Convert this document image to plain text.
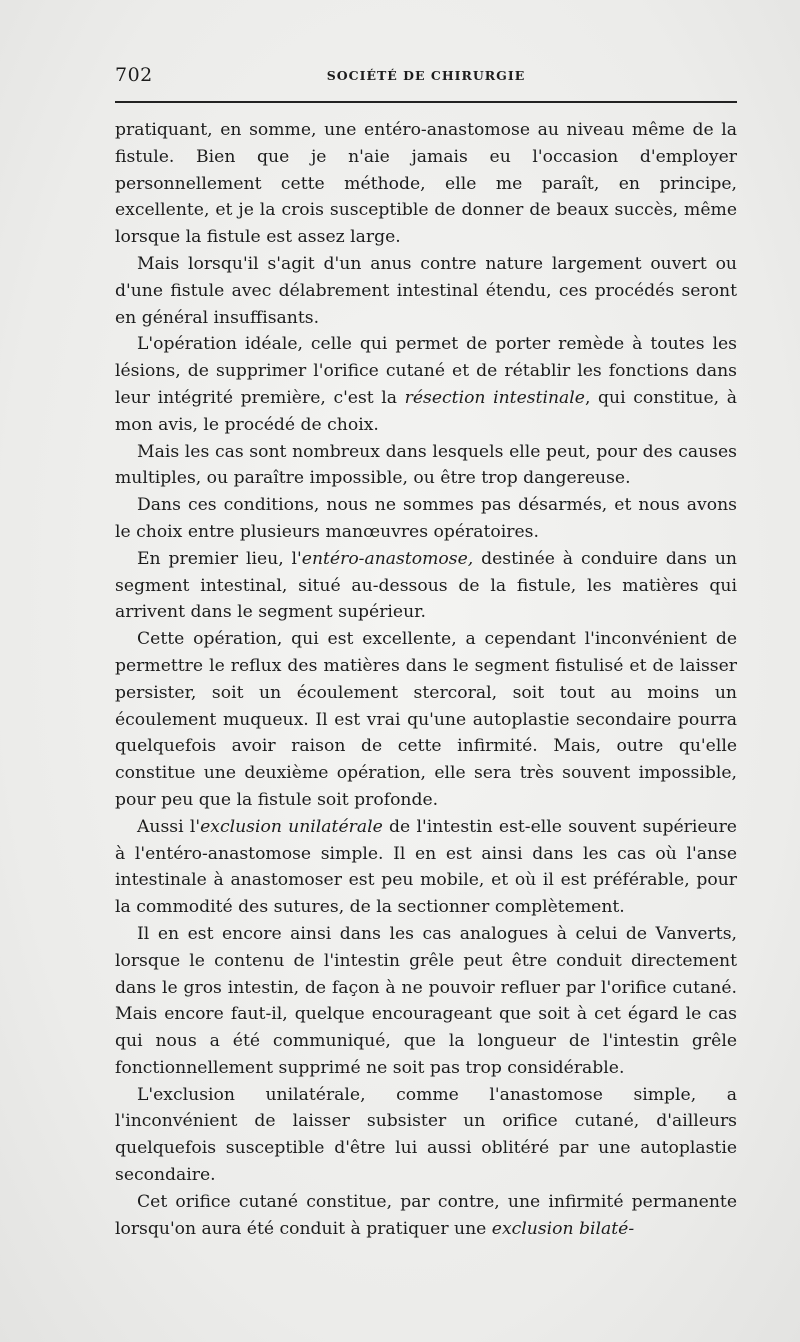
702	SOCIÉTÉ DE CHIRURGIE

pratiquant, en somme, une entéro-anastomose au niveau même de la fistule. Bien que je n'aie jamais eu l'occasion d'employer personnellement cette méthode, elle me paraît, en principe, excellente, et je la crois susceptible de donner de beaux succès, même lorsque la fistule est assez large.

Mais lorsqu'il s'agit d'un anus contre nature largement ouvert ou d'une fistule avec délabrement intestinal étendu, ces procédés seront en général insuffisants.

L'opération idéale, celle qui permet de porter remède à toutes les lésions, de supprimer l'orifice cutané et de rétablir les fonctions dans leur intégrité première, c'est la résection intestinale, qui constitue, à mon avis, le procédé de choix.

Mais les cas sont nombreux dans lesquels elle peut, pour des causes multiples, ou paraître impossible, ou être trop dangereuse.

Dans ces conditions, nous ne sommes pas désarmés, et nous avons le choix entre plusieurs manœuvres opératoires.

En premier lieu, l'entéro-anastomose, destinée à conduire dans un segment intestinal, situé au-dessous de la fistule, les matières qui arrivent dans le segment supérieur.

Cette opération, qui est excellente, a cependant l'inconvénient de permettre le reflux des matières dans le segment fistulisé et de laisser persister, soit un écoulement stercoral, soit tout au moins un écoulement muqueux. Il est vrai qu'une autoplastie secondaire pourra quelquefois avoir raison de cette infirmité. Mais, outre qu'elle constitue une deuxième opération, elle sera très souvent impossible, pour peu que la fistule soit profonde.

Aussi l'exclusion unilatérale de l'intestin est-elle souvent supérieure à l'entéro-anastomose simple. Il en est ainsi dans les cas où l'anse intestinale à anastomoser est peu mobile, et où il est préférable, pour la commodité des sutures, de la sectionner complètement.

Il en est encore ainsi dans les cas analogues à celui de Vanverts, lorsque le contenu de l'intestin grêle peut être conduit directement dans le gros intestin, de façon à ne pouvoir refluer par l'orifice cutané. Mais encore faut-il, quelque encourageant que soit à cet égard le cas qui nous a été communiqué, que la longueur de l'intestin grêle fonctionnellement supprimé ne soit pas trop considérable.

L'exclusion unilatérale, comme l'anastomose simple, a l'inconvénient de laisser subsister un orifice cutané, d'ailleurs quelquefois susceptible d'être lui aussi oblitéré par une autoplastie secondaire.

Cet orifice cutané constitue, par contre, une infirmité permanente lorsqu'on aura été conduit à pratiquer une exclusion bilaté-
